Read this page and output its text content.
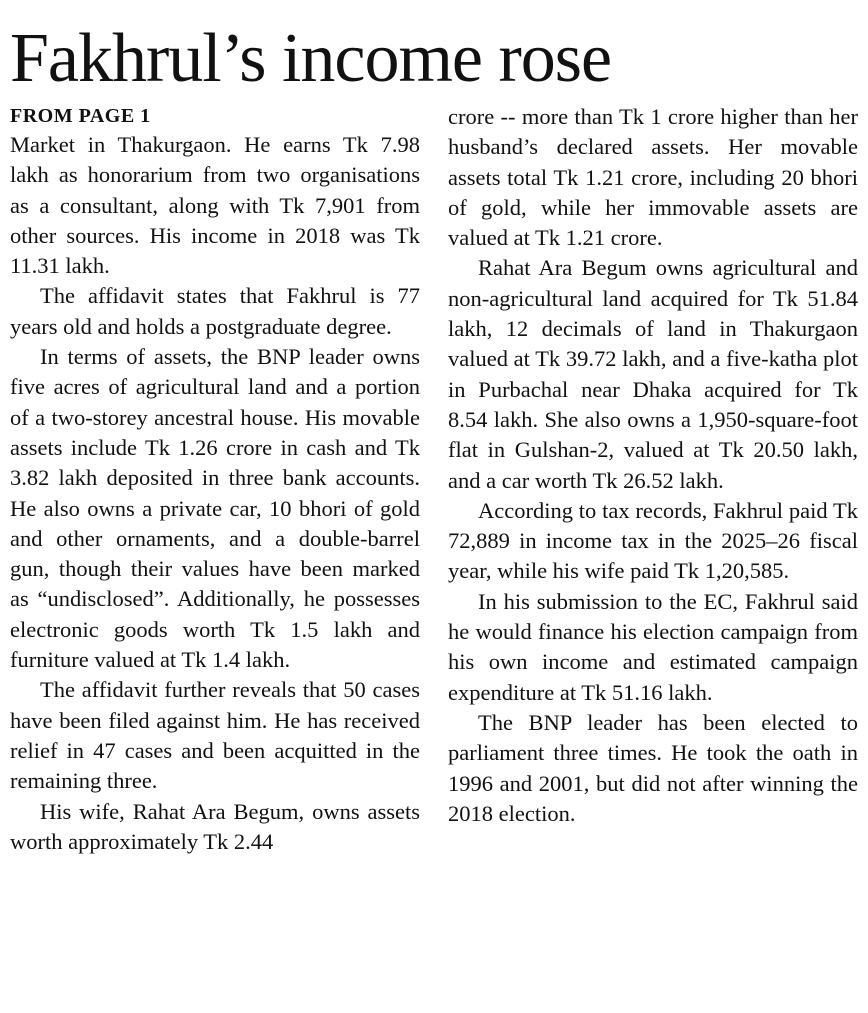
Fakhrul’s income rose
FROM PAGE 1

Market in Thakurgaon. He earns Tk 7.98 lakh as honorarium from two organisations as a consultant, along with Tk 7,901 from other sources. His income in 2018 was Tk 11.31 lakh.

The affidavit states that Fakhrul is 77 years old and holds a postgraduate degree.

In terms of assets, the BNP leader owns five acres of agricultural land and a portion of a two-storey ancestral house. His movable assets include Tk 1.26 crore in cash and Tk 3.82 lakh deposited in three bank accounts. He also owns a private car, 10 bhori of gold and other ornaments, and a double-barrel gun, though their values have been marked as “undisclosed”. Additionally, he possesses electronic goods worth Tk 1.5 lakh and furniture valued at Tk 1.4 lakh.

The affidavit further reveals that 50 cases have been filed against him. He has received relief in 47 cases and been acquitted in the remaining three.

His wife, Rahat Ara Begum, owns assets worth approximately Tk 2.44

crore -- more than Tk 1 crore higher than her husband’s declared assets. Her movable assets total Tk 1.21 crore, including 20 bhori of gold, while her immovable assets are valued at Tk 1.21 crore.

Rahat Ara Begum owns agricultural and non-agricultural land acquired for Tk 51.84 lakh, 12 decimals of land in Thakurgaon valued at Tk 39.72 lakh, and a five-katha plot in Purbachal near Dhaka acquired for Tk 8.54 lakh. She also owns a 1,950-square-foot flat in Gulshan-2, valued at Tk 20.50 lakh, and a car worth Tk 26.52 lakh.

According to tax records, Fakhrul paid Tk 72,889 in income tax in the 2025–26 fiscal year, while his wife paid Tk 1,20,585.

In his submission to the EC, Fakhrul said he would finance his election campaign from his own income and estimated campaign expenditure at Tk 51.16 lakh.

The BNP leader has been elected to parliament three times. He took the oath in 1996 and 2001, but did not after winning the 2018 election.
